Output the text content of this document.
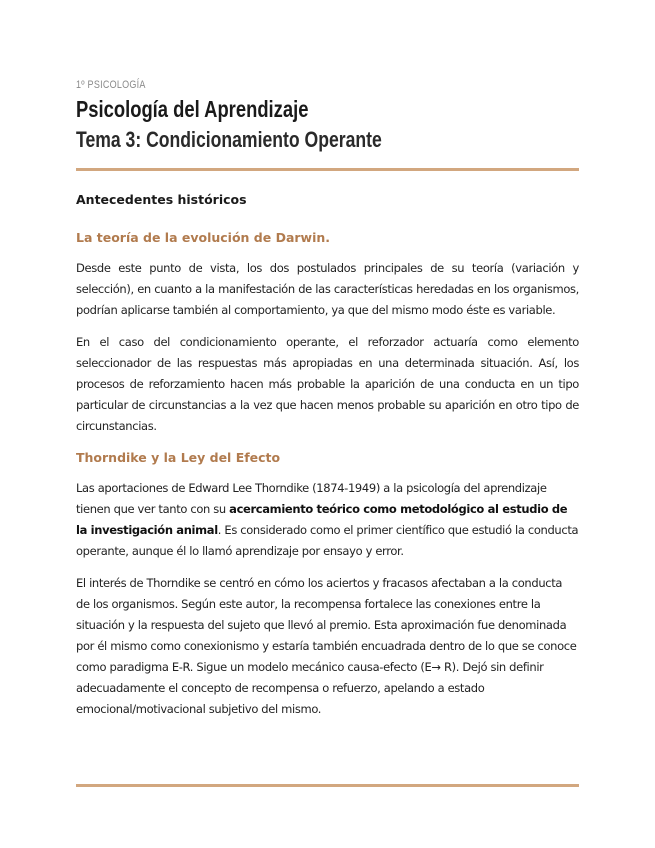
1º PSICOLOGÍA
Psicología del Aprendizaje
Tema 3: Condicionamiento Operante
Antecedentes históricos
La teoría de la evolución de Darwin.

Desde este punto de vista, los dos postulados principales de su teoría (variación y selección), en cuanto a la manifestación de las características heredadas en los organismos, podrían aplicarse también al comportamiento, ya que del mismo modo éste es variable.

En el caso del condicionamiento operante, el reforzador actuaría como elemento seleccionador de las respuestas más apropiadas en una determinada situación. Así, los procesos de reforzamiento hacen más probable la aparición de una conducta en un tipo particular de circunstancias a la vez que hacen menos probable su aparición en otro tipo de circunstancias.

Thorndike y la Ley del Efecto

Las aportaciones de Edward Lee Thorndike (1874-1949) a la psicología del aprendizaje tienen que ver tanto con su acercamiento teórico como metodológico al estudio de la investigación animal. Es considerado como el primer científico que estudió la conducta operante, aunque él lo llamó aprendizaje por ensayo y error.

El interés de Thorndike se centró en cómo los aciertos y fracasos afectaban a la conducta de los organismos. Según este autor, la recompensa fortalece las conexiones entre la situación y la respuesta del sujeto que llevó al premio. Esta aproximación fue denominada por él mismo como conexionismo y estaría también encuadrada dentro de lo que se conoce como paradigma E-R. Sigue un modelo mecánico causa-efecto (E→ R). Dejó sin definir adecuadamente el concepto de recompensa o refuerzo, apelando a estado emocional/motivacional subjetivo del mismo.
